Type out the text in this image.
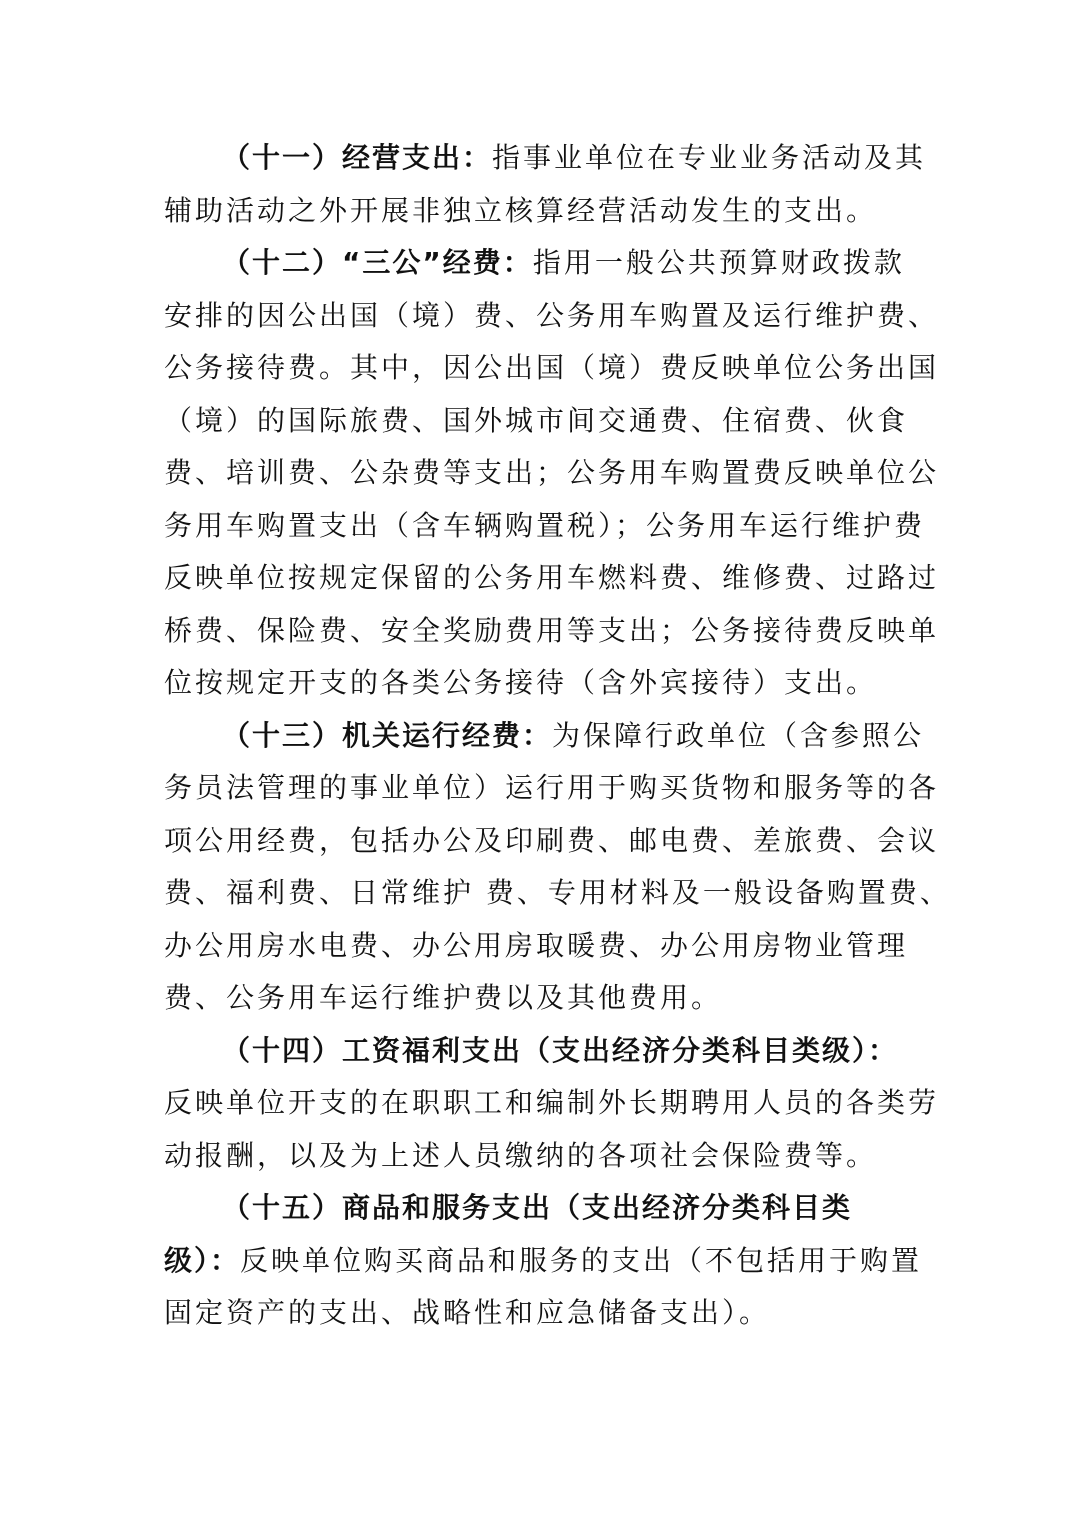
（十一）经营支出：指事业单位在专业业务活动及其
辅助活动之外开展非独立核算经营活动发生的支出。

（十二）“三公”经费：指用一般公共预算财政拨款
安排的因公出国（境）费、公务用车购置及运行维护费、
公务接待费。其中，因公出国（境）费反映单位公务出国
（境）的国际旅费、国外城市间交通费、住宿费、伙食
费、培训费、公杂费等支出；公务用车购置费反映单位公
务用车购置支出（含车辆购置税）；公务用车运行维护费
反映单位按规定保留的公务用车燃料费、维修费、过路过
桥费、保险费、安全奖励费用等支出；公务接待费反映单
位按规定开支的各类公务接待（含外宾接待）支出。

（十三）机关运行经费：为保障行政单位（含参照公
务员法管理的事业单位）运行用于购买货物和服务等的各
项公用经费，包括办公及印刷费、邮电费、差旅费、会议
费、福利费、日常维护 费、专用材料及一般设备购置费、
办公用房水电费、办公用房取暖费、办公用房物业管理
费、公务用车运行维护费以及其他费用。

（十四）工资福利支出（支出经济分类科目类级）：
反映单位开支的在职职工和编制外长期聘用人员的各类劳
动报酬，以及为上述人员缴纳的各项社会保险费等。

（十五）商品和服务支出（支出经济分类科目类
级）：反映单位购买商品和服务的支出（不包括用于购置
固定资产的支出、战略性和应急储备支出）。
